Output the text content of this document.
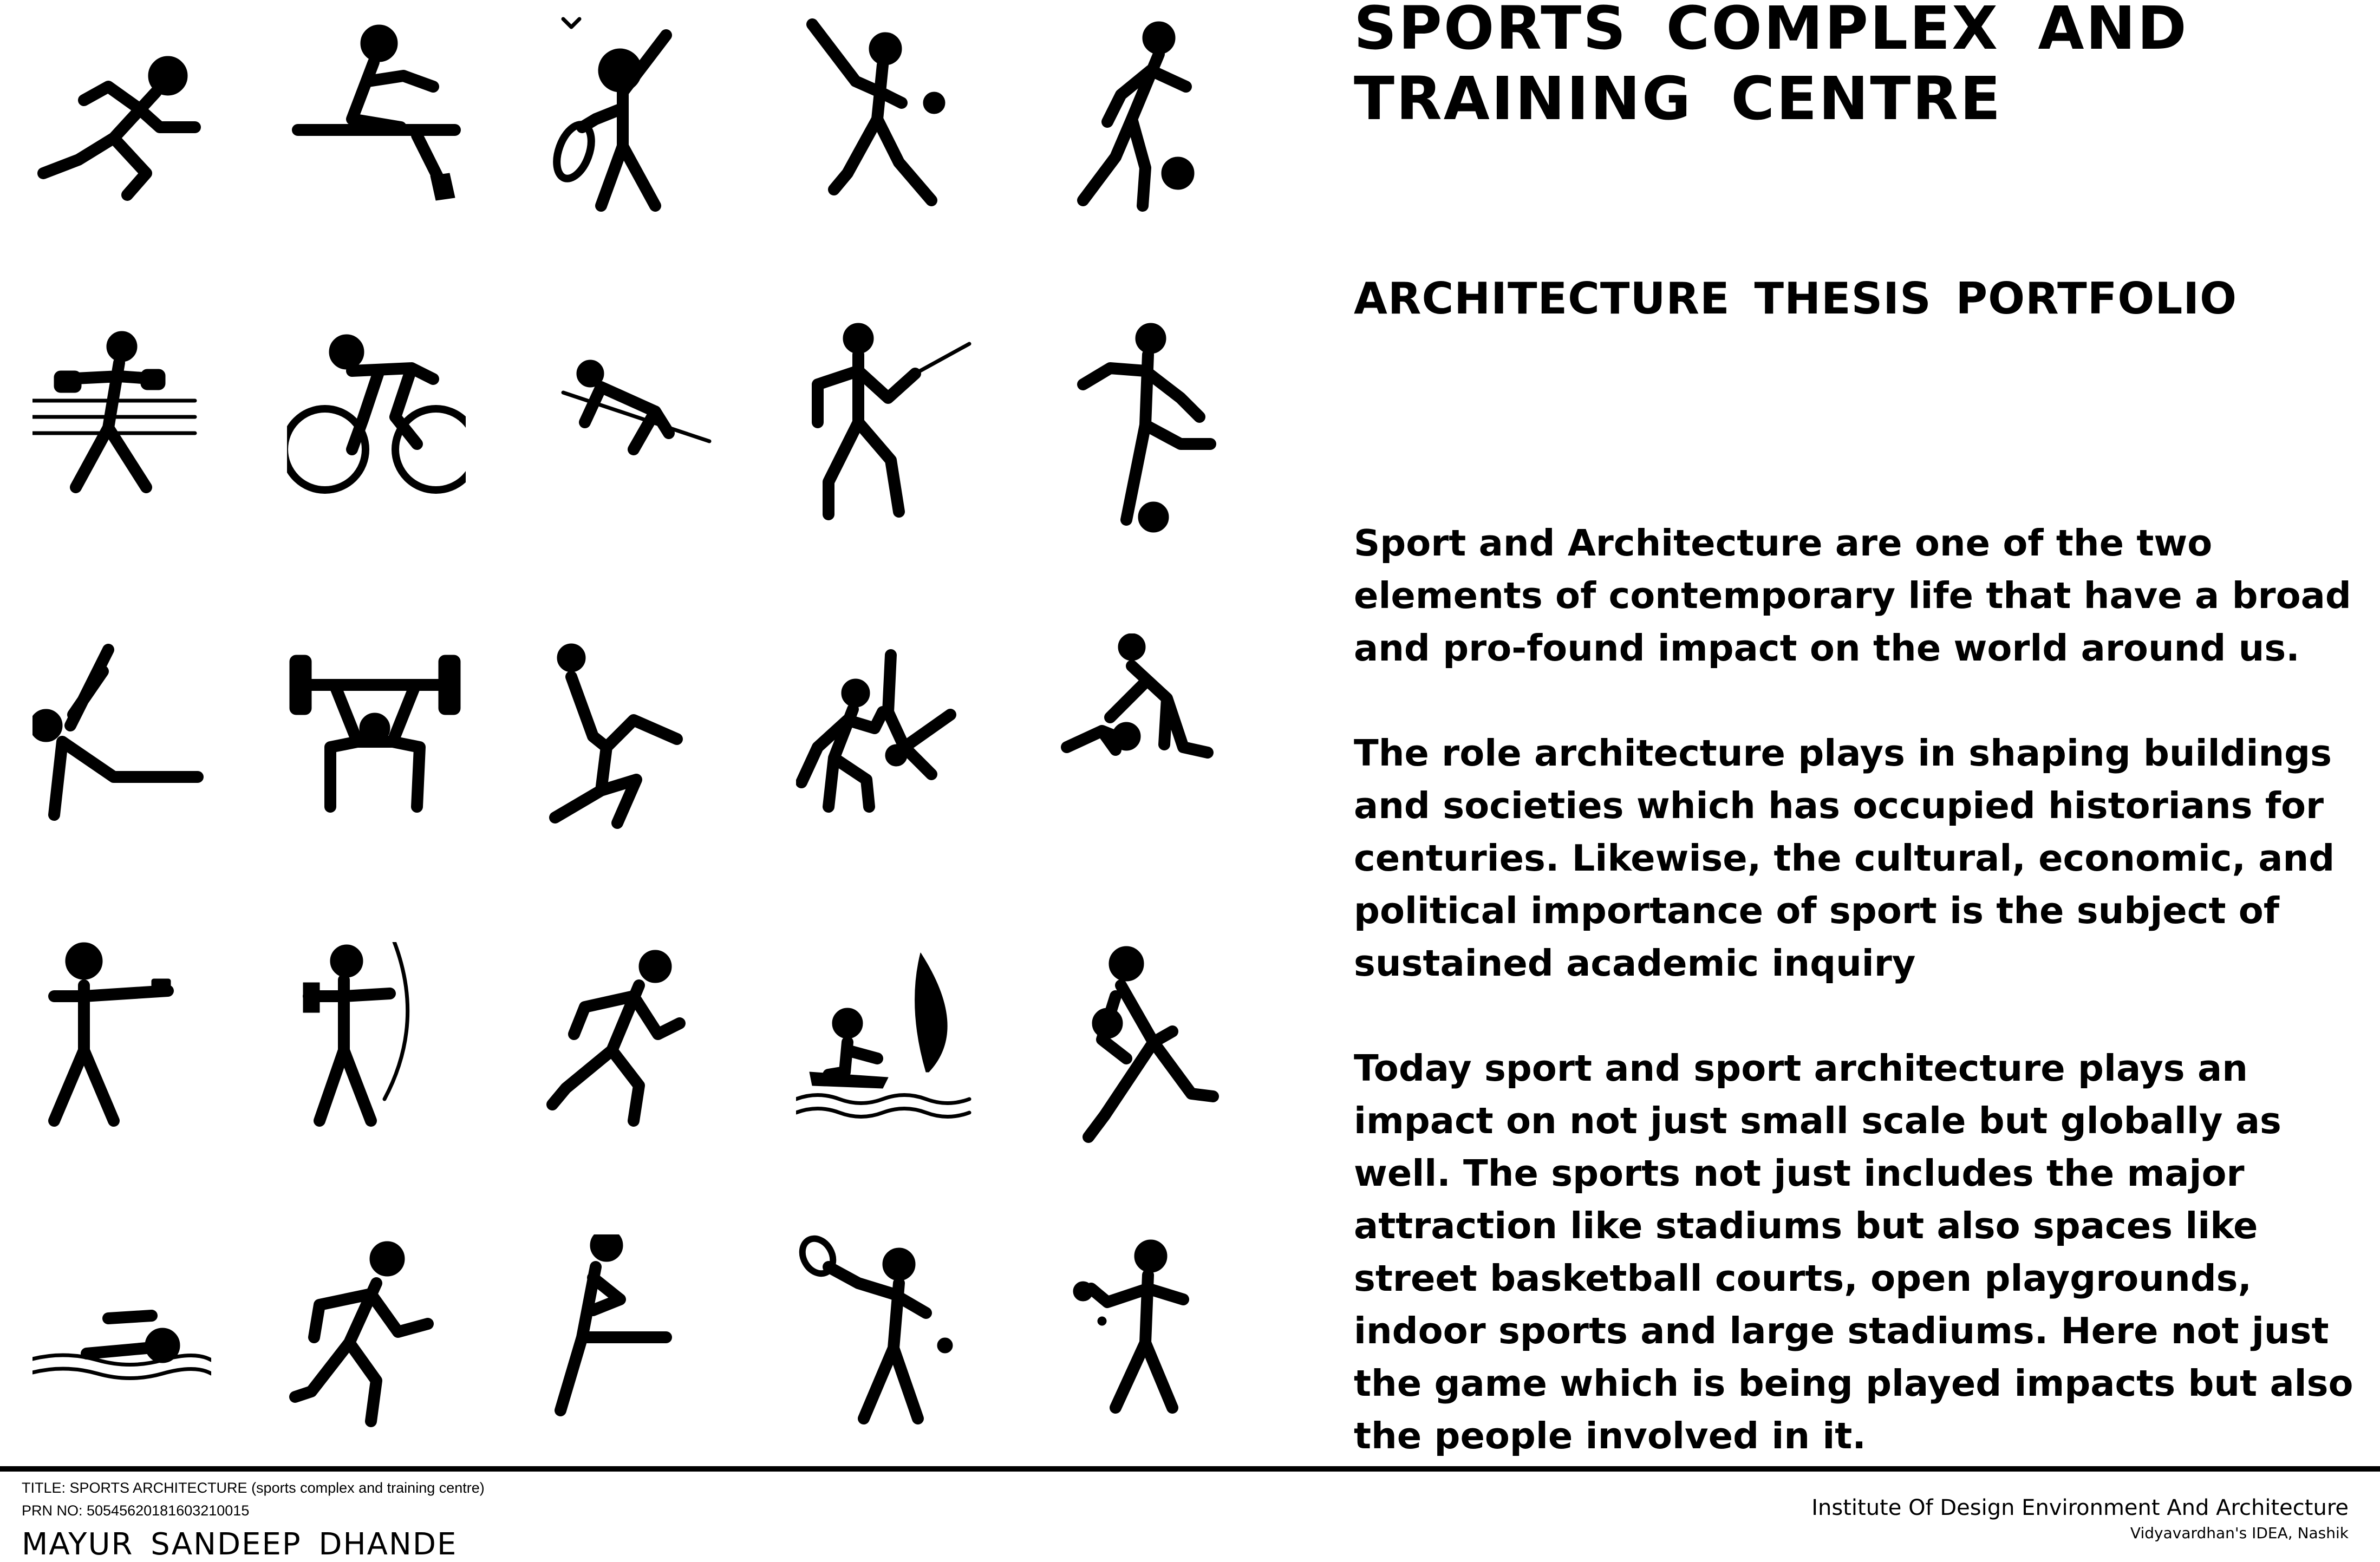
SPORTS COMPLEX AND
TRAINING CENTRE
ARCHITECTURE THESIS PORTFOLIO

Sport and Architecture are one of the two elements of contemporary life that have a broad and pro-found impact on the world around us.

The role architecture plays in shaping buildings and societies which has occupied historians for centuries. Likewise, the cultural, economic, and political importance of sport is the subject of sustained academic inquiry

Today sport and sport architecture plays an impact on not just small scale but globally as well. The sports not just includes the major attraction like stadiums but also spaces like street basketball courts, open playgrounds, indoor sports and large stadiums. Here not just the game which is being played impacts but also the people involved in it.

TITLE: SPORTS ARCHITECTURE (sports complex and training centre)
PRN NO: 50545620181603210015
MAYUR SANDEEP DHANDE
Institute Of Design Environment And Architecture
Vidyavardhan's IDEA, Nashik
